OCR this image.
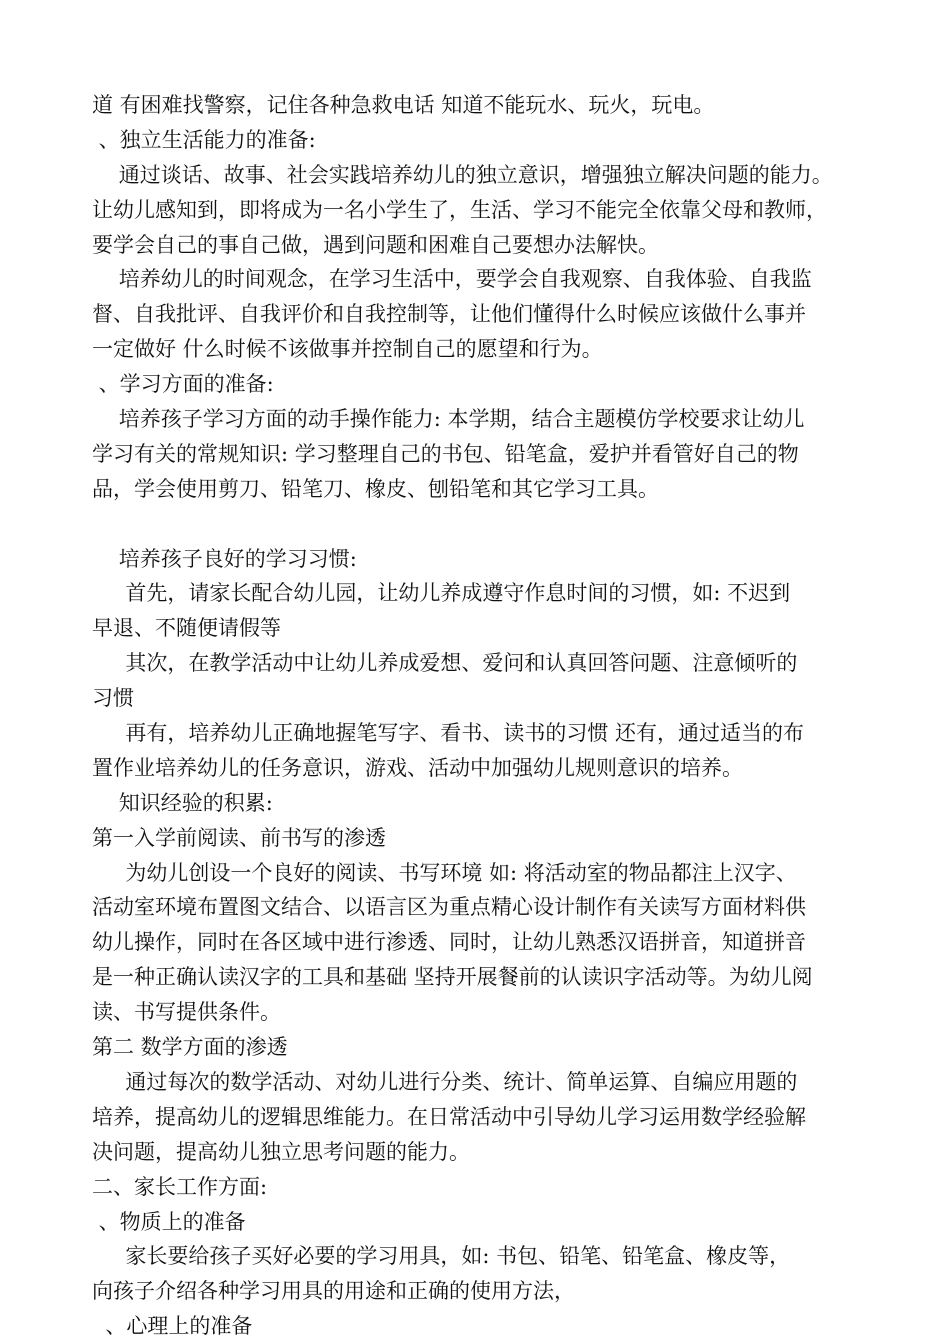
道 有困难找警察，记住各种急救电话 知道不能玩水、玩火，玩电。
、独立生活能力的准备:
通过谈话、故事、社会实践培养幼儿的独立意识，增强独立解决问题的能力。
让幼儿感知到，即将成为一名小学生了，生活、学习不能完全依靠父母和教师，
要学会自己的事自己做，遇到问题和困难自己要想办法解快。
培养幼儿的时间观念，在学习生活中，要学会自我观察、自我体验、自我监
督、自我批评、自我评价和自我控制等，让他们懂得什么时候应该做什么事并
一定做好 什么时候不该做事并控制自己的愿望和行为。
、学习方面的准备:
培养孩子学习方面的动手操作能力: 本学期，结合主题模仿学校要求让幼儿
学习有关的常规知识: 学习整理自己的书包、铅笔盒，爱护并看管好自己的物
品，学会使用剪刀、铅笔刀、橡皮、刨铅笔和其它学习工具。
培养孩子良好的学习习惯:
首先，请家长配合幼儿园，让幼儿养成遵守作息时间的习惯，如: 不迟到
早退、不随便请假等
其次，在教学活动中让幼儿养成爱想、爱问和认真回答问题、注意倾听的
习惯
再有，培养幼儿正确地握笔写字、看书、读书的习惯 还有，通过适当的布
置作业培养幼儿的任务意识，游戏、活动中加强幼儿规则意识的培养。
知识经验的积累:
第一入学前阅读、前书写的渗透
为幼儿创设一个良好的阅读、书写环境 如: 将活动室的物品都注上汉字、
活动室环境布置图文结合、以语言区为重点精心设计制作有关读写方面材料供
幼儿操作，同时在各区域中进行渗透、同时，让幼儿熟悉汉语拼音，知道拼音
是一种正确认读汉字的工具和基础 坚持开展餐前的认读识字活动等。为幼儿阅
读、书写提供条件。
第二 数学方面的渗透
通过每次的数学活动、对幼儿进行分类、统计、简单运算、自编应用题的
培养，提高幼儿的逻辑思维能力。在日常活动中引导幼儿学习运用数学经验解
决问题，提高幼儿独立思考问题的能力。
二、家长工作方面:
、物质上的准备
家长要给孩子买好必要的学习用具，如: 书包、铅笔、铅笔盒、橡皮等，
向孩子介绍各种学习用具的用途和正确的使用方法，
、心理上的准备
